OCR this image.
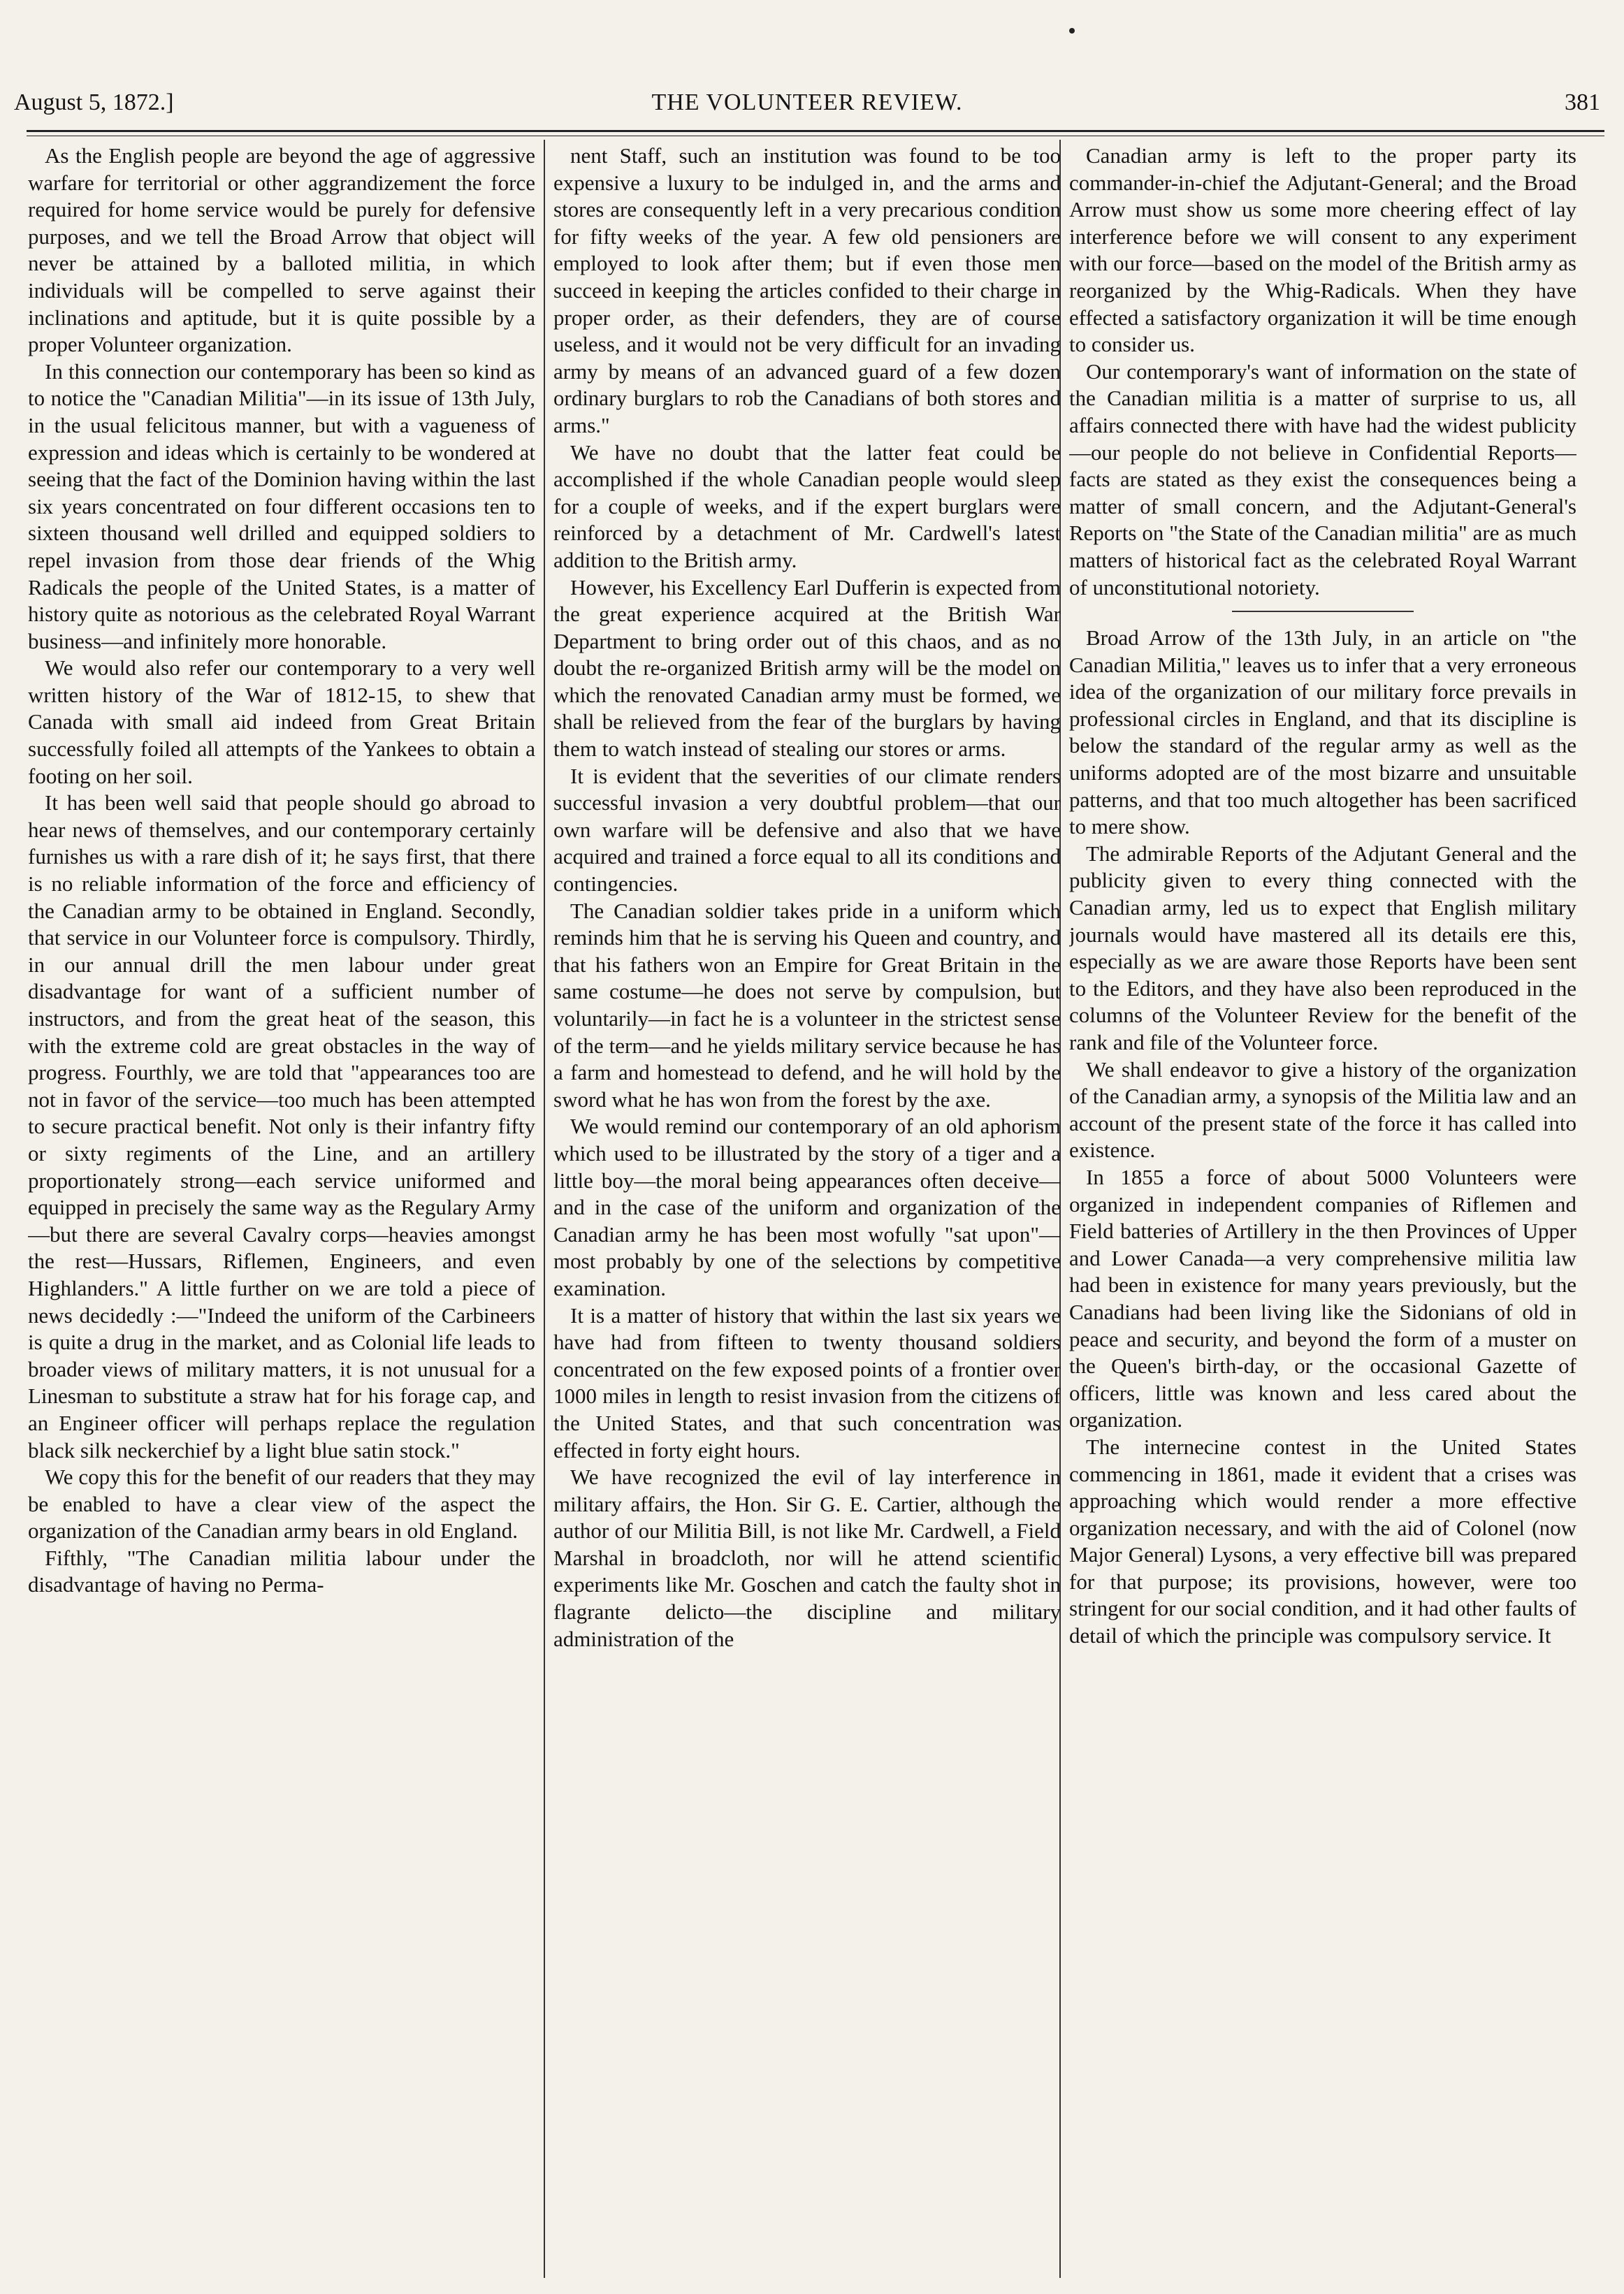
August 5, 1872.]	THE VOLUNTEER REVIEW.	381

As the English people are beyond the age of aggressive warfare for territorial or other aggrandizement the force required for home service would be purely for defensive purposes, and we tell the Broad Arrow that object will never be attained by a balloted militia, in which individuals will be compelled to serve against their inclinations and aptitude, but it is quite possible by a proper Volunteer organization.

In this connection our contemporary has been so kind as to notice the "Canadian Militia"—in its issue of 13th July, in the usual felicitous manner, but with a vagueness of expression and ideas which is certainly to be wondered at seeing that the fact of the Dominion having within the last six years concentrated on four different occasions ten to sixteen thousand well drilled and equipped soldiers to repel invasion from those dear friends of the Whig Radicals the people of the United States, is a matter of history quite as notorious as the celebrated Royal Warrant business—and infinitely more honorable.

We would also refer our contemporary to a very well written history of the War of 1812-15, to shew that Canada with small aid indeed from Great Britain successfully foiled all attempts of the Yankees to obtain a footing on her soil.

It has been well said that people should go abroad to hear news of themselves, and our contemporary certainly furnishes us with a rare dish of it; he says first, that there is no reliable information of the force and efficiency of the Canadian army to be obtained in England. Secondly, that service in our Volunteer force is compulsory. Thirdly, in our annual drill the men labour under great disadvantage for want of a sufficient number of instructors, and from the great heat of the season, this with the extreme cold are great obstacles in the way of progress. Fourthly, we are told that "appearances too are not in favor of the service—too much has been attempted to secure practical benefit. Not only is their infantry fifty or sixty regiments of the Line, and an artillery proportionately strong—each service uniformed and equipped in precisely the same way as the Regulary Army—but there are several Cavalry corps—heavies amongst the rest—Hussars, Riflemen, Engineers, and even Highlanders." A little further on we are told a piece of news decidedly :—"Indeed the uniform of the Carbineers is quite a drug in the market, and as Colonial life leads to broader views of military matters, it is not unusual for a Linesman to substitute a straw hat for his forage cap, and an Engineer officer will perhaps replace the regulation black silk neckerchief by a light blue satin stock."

We copy this for the benefit of our readers that they may be enabled to have a clear view of the aspect the organization of the Canadian army bears in old England.

Fifthly, "The Canadian militia labour under the disadvantage of having no Perma-

nent Staff, such an institution was found to be too expensive a luxury to be indulged in, and the arms and stores are consequently left in a very precarious condition for fifty weeks of the year. A few old pensioners are employed to look after them; but if even those men succeed in keeping the articles confided to their charge in proper order, as their defenders, they are of course useless, and it would not be very difficult for an invading army by means of an advanced guard of a few dozen ordinary burglars to rob the Canadians of both stores and arms."

We have no doubt that the latter feat could be accomplished if the whole Canadian people would sleep for a couple of weeks, and if the expert burglars were reinforced by a detachment of Mr. Cardwell's latest addition to the British army.

However, his Excellency Earl Dufferin is expected from the great experience acquired at the British War Department to bring order out of this chaos, and as no doubt the re-organized British army will be the model on which the renovated Canadian army must be formed, we shall be relieved from the fear of the burglars by having them to watch instead of stealing our stores or arms.

It is evident that the severities of our climate renders successful invasion a very doubtful problem—that our own warfare will be defensive and also that we have acquired and trained a force equal to all its conditions and contingencies.

The Canadian soldier takes pride in a uniform which reminds him that he is serving his Queen and country, and that his fathers won an Empire for Great Britain in the same costume—he does not serve by compulsion, but voluntarily—in fact he is a volunteer in the strictest sense of the term—and he yields military service because he has a farm and homestead to defend, and he will hold by the sword what he has won from the forest by the axe.

We would remind our contemporary of an old aphorism which used to be illustrated by the story of a tiger and a little boy—the moral being appearances often deceive—and in the case of the uniform and organization of the Canadian army he has been most wofully "sat upon"—most probably by one of the selections by competitive examination.

It is a matter of history that within the last six years we have had from fifteen to twenty thousand soldiers concentrated on the few exposed points of a frontier over 1000 miles in length to resist invasion from the citizens of the United States, and that such concentration was effected in forty eight hours.

We have recognized the evil of lay interference in military affairs, the Hon. Sir G. E. Cartier, although the author of our Militia Bill, is not like Mr. Cardwell, a Field Marshal in broadcloth, nor will he attend scientific experiments like Mr. Goschen and catch the faulty shot in flagrante delicto—the discipline and military administration of the

Canadian army is left to the proper party its commander-in-chief the Adjutant-General; and the Broad Arrow must show us some more cheering effect of lay interference before we will consent to any experiment with our force—based on the model of the British army as reorganized by the Whig-Radicals. When they have effected a satisfactory organization it will be time enough to consider us.

Our contemporary's want of information on the state of the Canadian militia is a matter of surprise to us, all affairs connected there with have had the widest publicity—our people do not believe in Confidential Reports—facts are stated as they exist the consequences being a matter of small concern, and the Adjutant-General's Reports on "the State of the Canadian militia" are as much matters of historical fact as the celebrated Royal Warrant of unconstitutional notoriety.

Broad Arrow of the 13th July, in an article on "the Canadian Militia," leaves us to infer that a very erroneous idea of the organization of our military force prevails in professional circles in England, and that its discipline is below the standard of the regular army as well as the uniforms adopted are of the most bizarre and unsuitable patterns, and that too much altogether has been sacrificed to mere show.

The admirable Reports of the Adjutant General and the publicity given to every thing connected with the Canadian army, led us to expect that English military journals would have mastered all its details ere this, especially as we are aware those Reports have been sent to the Editors, and they have also been reproduced in the columns of the Volunteer Review for the benefit of the rank and file of the Volunteer force.

We shall endeavor to give a history of the organization of the Canadian army, a synopsis of the Militia law and an account of the present state of the force it has called into existence.

In 1855 a force of about 5000 Volunteers were organized in independent companies of Riflemen and Field batteries of Artillery in the then Provinces of Upper and Lower Canada—a very comprehensive militia law had been in existence for many years previously, but the Canadians had been living like the Sidonians of old in peace and security, and beyond the form of a muster on the Queen's birth-day, or the occasional Gazette of officers, little was known and less cared about the organization.

The internecine contest in the United States commencing in 1861, made it evident that a crises was approaching which would render a more effective organization necessary, and with the aid of Colonel (now Major General) Lysons, a very effective bill was prepared for that purpose; its provisions, however, were too stringent for our social condition, and it had other faults of detail of which the principle was compulsory service. It
